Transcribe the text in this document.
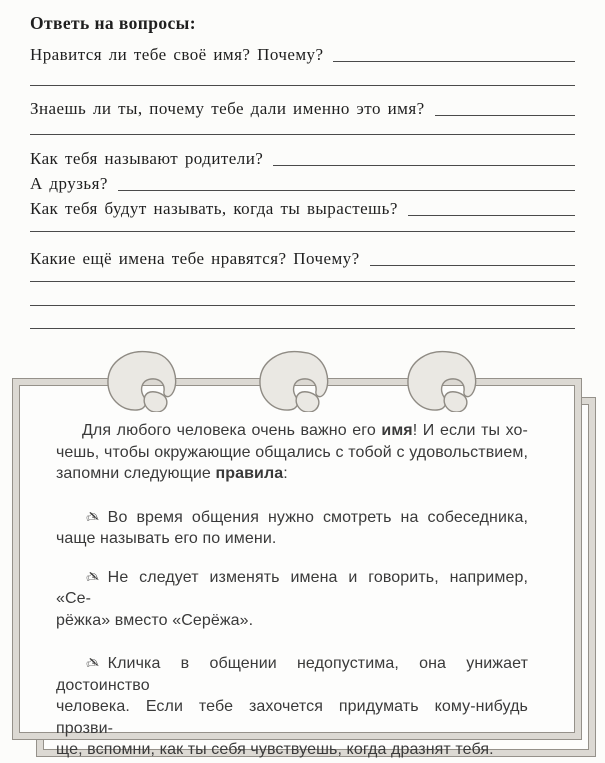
Ответь на вопросы:
Нравится ли тебе своё имя? Почему?
Знаешь ли ты, почему тебе дали именно это имя?
Как тебя называют родители?
А друзья?
Как тебя будут называть, когда ты вырастешь?
Какие ещё имена тебе нравятся? Почему?
Для любого человека очень важно его имя! И если ты хо-
чешь, чтобы окружающие общались с тобой с удовольствием,
запомни следующие правила:
✍ Во время общения нужно смотреть на собеседника,
чаще называть его по имени.
✍ Не следует изменять имена и говорить, например, «Се-
рёжка» вместо «Серёжа».
✍ Кличка в общении недопустима, она унижает достоинство
человека. Если тебе захочется придумать кому-нибудь прозви-
ще, вспомни, как ты себя чувствуешь, когда дразнят тебя.
